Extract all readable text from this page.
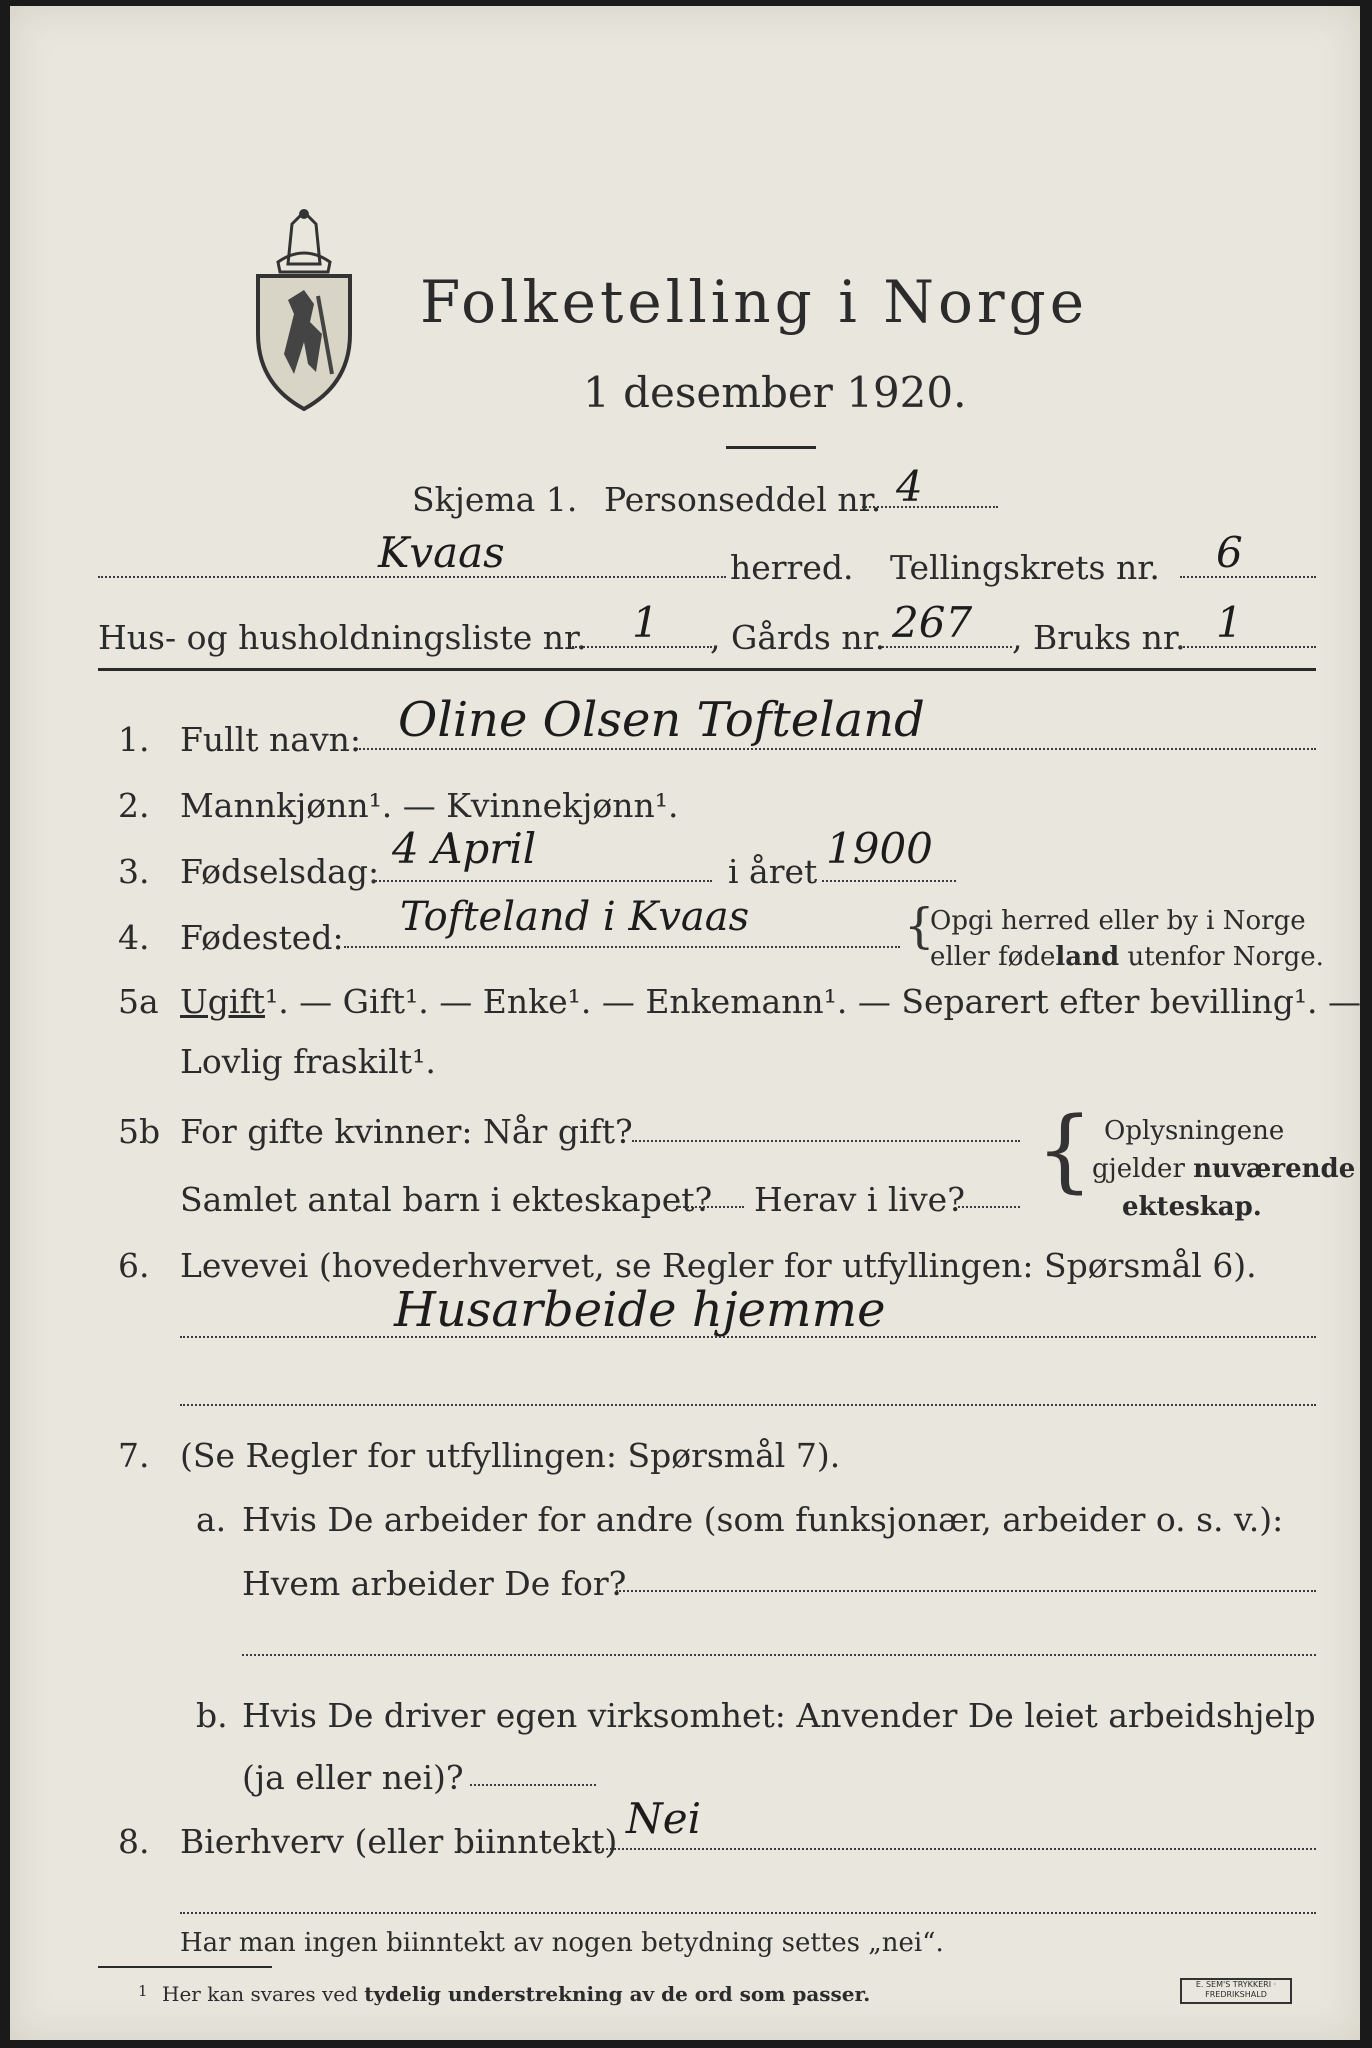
Folketelling i Norge
1 desember 1920.
Skjema 1. Personseddel nr. 4
Kvaas	herred. Tellingskrets nr. 6
Hus- og husholdningsliste nr. 1 , Gårds nr. 267 , Bruks nr. 1
1. Fullt navn: Oline Olsen Tofteland
2. Mannkjønn¹. — Kvinnekjønn¹.
3. Fødselsdag: 4 April	i året 1900
4. Fødested: Tofteland i Kvaas	{
Opgi herred eller by i Norge
eller fødeland utenfor Norge.
5a Ugift¹. — Gift¹. — Enke¹. — Enkemann¹. — Separert efter bevilling¹. —
Lovlig fraskilt¹.
5b For gifte kvinner: Når gift?
Samlet antal barn i ekteskapet? Herav i live? { Oplysningene
gjelder nuværende
ekteskap.
6. Levevei (hovederhvervet, se Regler for utfyllingen: Spørsmål 6).
Husarbeide hjemme
7. (Se Regler for utfyllingen: Spørsmål 7).
a. Hvis De arbeider for andre (som funksjonær, arbeider o. s. v.):
Hvem arbeider De for?
b. Hvis De driver egen virksomhet: Anvender De leiet arbeidshjelp
(ja eller nei)?
8. Bierhverv (eller biinntekt) Nei
Har man ingen biinntekt av nogen betydning settes „nei“.
1 Her kan svares ved tydelig understrekning av de ord som passer.	E. SEM'S TRYKKERI · FREDRIKSHALD
